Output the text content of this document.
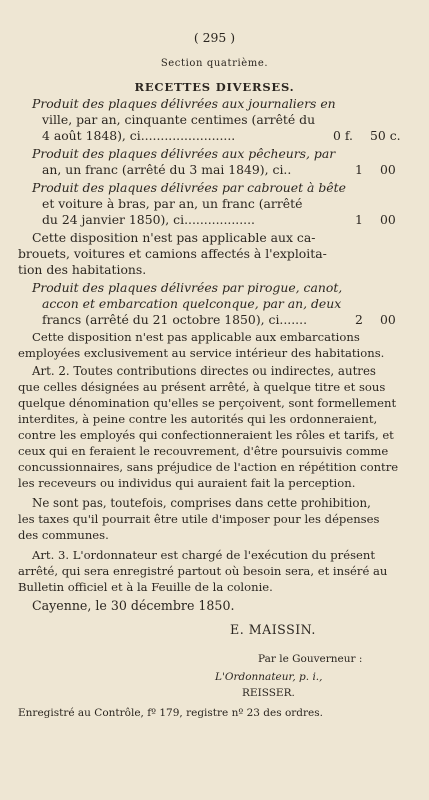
( 295 )
Section quatrième.
RECETTES DIVERSES.
Produit des plaques délivrées aux journaliers en
ville, par an, cinquante centimes (arrêté du
4 août 1848), ci........................	0 f. 50 c.
Produit des plaques délivrées aux pêcheurs, par
an, un franc (arrêté du 3 mai 1849), ci..	1 00
Produit des plaques délivrées par cabrouet à bête
et voiture à bras, par an, un franc (arrêté
du 24 janvier 1850), ci..................	1 00
Cette disposition n'est pas applicable aux ca-
brouets, voitures et camions affectés à l'exploita-
tion des habitations.
Produit des plaques délivrées par pirogue, canot,
accon et embarcation quelconque, par an, deux
francs (arrêté du 21 octobre 1850), ci.......	2 00
Cette disposition n'est pas applicable aux embarcations
employées exclusivement au service intérieur des habitations.
Art. 2. Toutes contributions directes ou indirectes, autres
que celles désignées au présent arrêté, à quelque titre et sous
quelque dénomination qu'elles se perçoivent, sont formellement
interdites, à peine contre les autorités qui les ordonneraient,
contre les employés qui confectionneraient les rôles et tarifs, et
ceux qui en feraient le recouvrement, d'être poursuivis comme
concussionnaires, sans préjudice de l'action en répétition contre
les receveurs ou individus qui auraient fait la perception.
Ne sont pas, toutefois, comprises dans cette prohibition,
les taxes qu'il pourrait être utile d'imposer pour les dépenses
des communes.
Art. 3. L'ordonnateur est chargé de l'exécution du présent
arrêté, qui sera enregistré partout où besoin sera, et inséré au
Bulletin officiel et à la Feuille de la colonie.
Cayenne, le 30 décembre 1850.
E. MAISSIN.
Par le Gouverneur :
L'Ordonnateur, p. i.,
REISSER.
Enregistré au Contrôle, fº 179, registre nº 23 des ordres.
